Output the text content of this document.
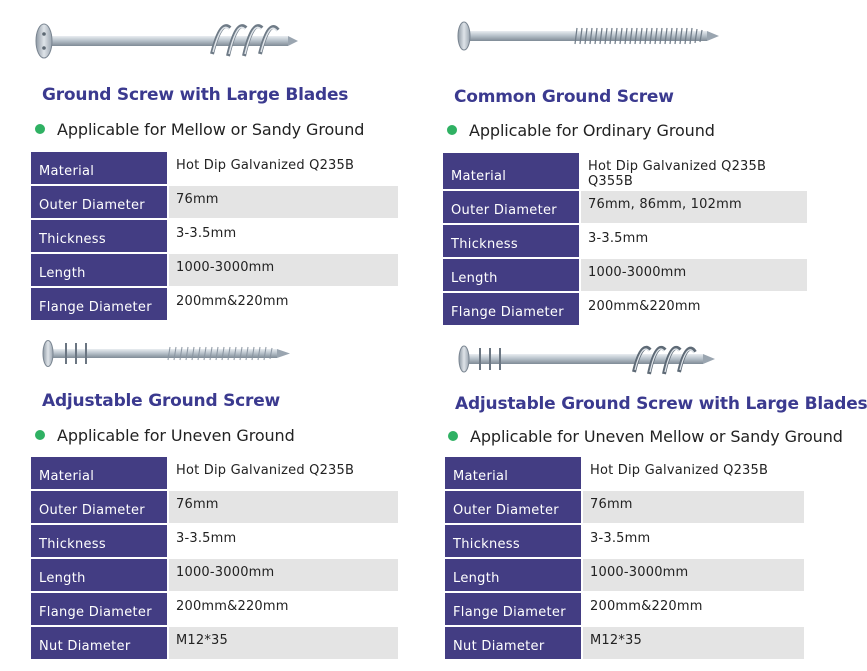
Ground Screw with Large Blades
Applicable for Mellow or Sandy Ground
Material	Hot Dip Galvanized Q235B
Outer Diameter	76mm
Thickness	3-3.5mm
Length	1000-3000mm
Flange Diameter	200mm&220mm
Common Ground Screw
Applicable for Ordinary Ground
Material	Hot Dip Galvanized Q235B Q355B
Outer Diameter	76mm, 86mm, 102mm
Thickness	3-3.5mm
Length	1000-3000mm
Flange Diameter	200mm&220mm
Adjustable Ground Screw
Applicable for Uneven Ground
Material	Hot Dip Galvanized Q235B
Outer Diameter	76mm
Thickness	3-3.5mm
Length	1000-3000mm
Flange Diameter	200mm&220mm
Nut Diameter	M12*35
Adjustable Ground Screw with Large Blades
Applicable for Uneven Mellow or Sandy Ground
Material	Hot Dip Galvanized Q235B
Outer Diameter	76mm
Thickness	3-3.5mm
Length	1000-3000mm
Flange Diameter	200mm&220mm
Nut Diameter	M12*35
